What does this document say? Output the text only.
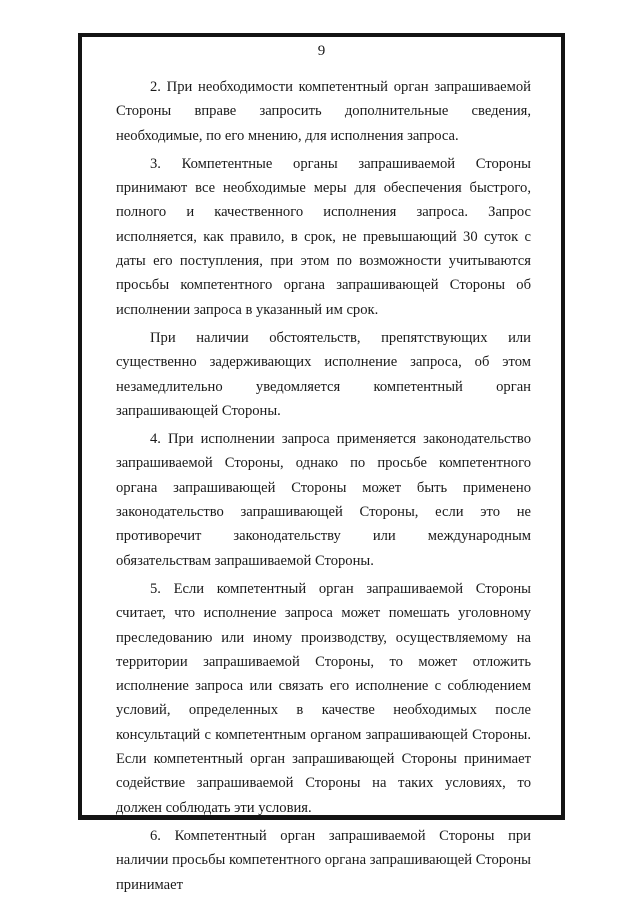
9

2. При необходимости компетентный орган запрашиваемой Стороны вправе запросить дополнительные сведения, необходимые, по его мнению, для исполнения запроса.

3. Компетентные органы запрашиваемой Стороны принимают все необходимые меры для обеспечения быстрого, полного и качественного исполнения запроса. Запрос исполняется, как правило, в срок, не превышающий 30 суток с даты его поступления, при этом по возможности учитываются просьбы компетентного органа запрашивающей Стороны об исполнении запроса в указанный им срок.

При наличии обстоятельств, препятствующих или существенно задерживающих исполнение запроса, об этом незамедлительно уведомляется компетентный орган запрашивающей Стороны.

4. При исполнении запроса применяется законодательство запрашиваемой Стороны, однако по просьбе компетентного органа запрашивающей Стороны может быть применено законодательство запрашивающей Стороны, если это не противоречит законодательству или международным обязательствам запрашиваемой Стороны.

5. Если компетентный орган запрашиваемой Стороны считает, что исполнение запроса может помешать уголовному преследованию или иному производству, осуществляемому на территории запрашиваемой Стороны, то может отложить исполнение запроса или связать его исполнение с соблюдением условий, определенных в качестве необходимых после консультаций с компетентным органом запрашивающей Стороны. Если компетентный орган запрашивающей Стороны принимает содействие запрашиваемой Стороны на таких условиях, то должен соблюдать эти условия.

6. Компетентный орган запрашиваемой Стороны при наличии просьбы компетентного органа запрашивающей Стороны принимает
